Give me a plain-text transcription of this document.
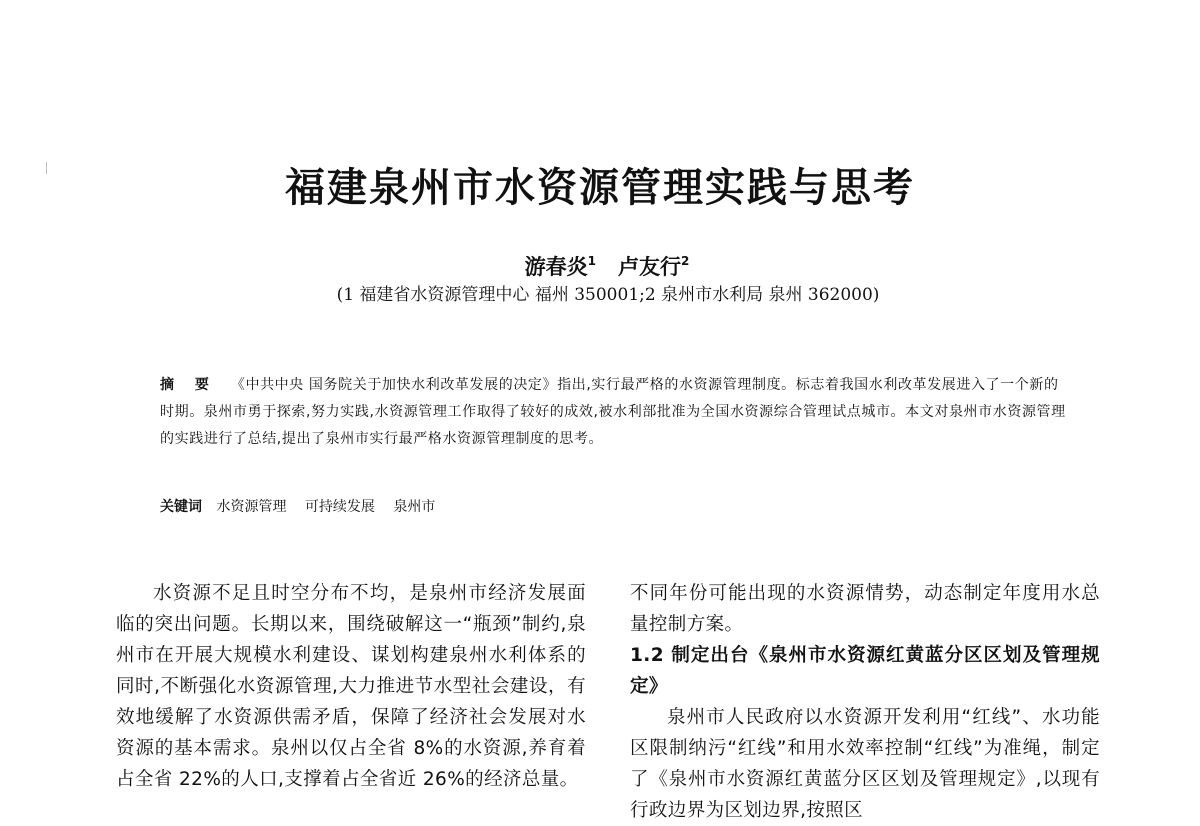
福建泉州市水资源管理实践与思考
游春炎$^1$ 卢友行$^2$
(1 福建省水资源管理中心 福州 350001;2 泉州市水利局 泉州 362000)
摘 要 《中共中央 国务院关于加快水利改革发展的决定》指出,实行最严格的水资源管理制度。标志着我国水利改革发展进入了一个新的时期。泉州市勇于探索,努力实践,水资源管理工作取得了较好的成效,被水利部批准为全国水资源综合管理试点城市。本文对泉州市水资源管理的实践进行了总结,提出了泉州市实行最严格水资源管理制度的思考。
关键词 水资源管理 可持续发展 泉州市

水资源不足且时空分布不均，是泉州市经济发展面临的突出问题。长期以来，围绕破解这一“瓶颈”制约,泉州市在开展大规模水利建设、谋划构建泉州水利体系的同时,不断强化水资源管理,大力推进节水型社会建设，有效地缓解了水资源供需矛盾，保障了经济社会发展对水资源的基本需求。泉州以仅占全省 8%的水资源,养育着占全省 22%的人口,支撑着占全省近 26%的经济总量。

不同年份可能出现的水资源情势，动态制定年度用水总量控制方案。

1.2 制定出台《泉州市水资源红黄蓝分区区划及管理规定》

泉州市人民政府以水资源开发利用“红线”、水功能区限制纳污“红线”和用水效率控制“红线”为准绳，制定了《泉州市水资源红黄蓝分区区划及管理规定》,以现有行政边界为区划边界,按照区
